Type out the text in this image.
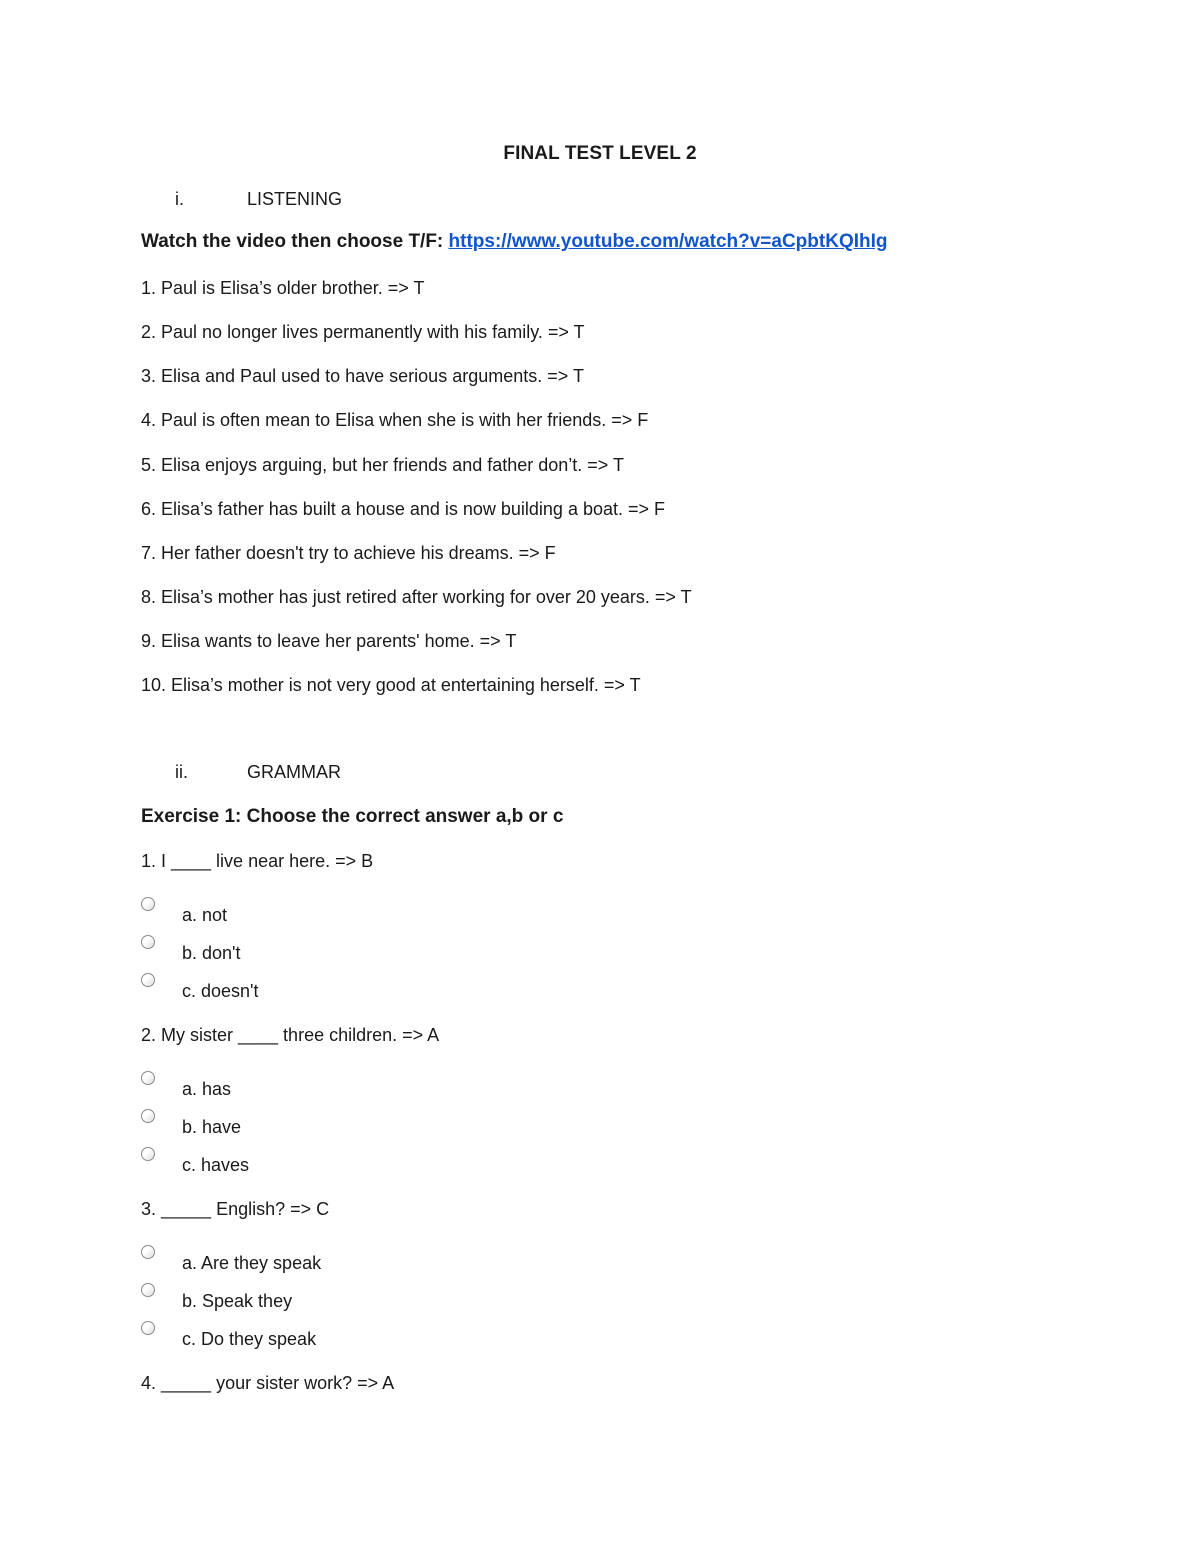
FINAL TEST LEVEL 2
i.	LISTENING
Watch the video then choose T/F: https://www.youtube.com/watch?v=aCpbtKQIhIg
1. Paul is Elisa’s older brother. => T
2. Paul no longer lives permanently with his family. => T
3. Elisa and Paul used to have serious arguments. => T
4. Paul is often mean to Elisa when she is with her friends. => F
5. Elisa enjoys arguing, but her friends and father don’t. => T
6. Elisa’s father has built a house and is now building a boat. => F
7. Her father doesn't try to achieve his dreams. => F
8. Elisa’s mother has just retired after working for over 20 years. => T
9. Elisa wants to leave her parents' home. => T
10. Elisa’s mother is not very good at entertaining herself. => T
ii.	GRAMMAR
Exercise 1: Choose the correct answer a,b or c
1. I ____ live near here. => B
a. not
b. don't
c. doesn't
2. My sister ____ three children. => A
a. has
b. have
c. haves
3. _____ English? => C
a. Are they speak
b. Speak they
c. Do they speak
4. _____ your sister work? => A
